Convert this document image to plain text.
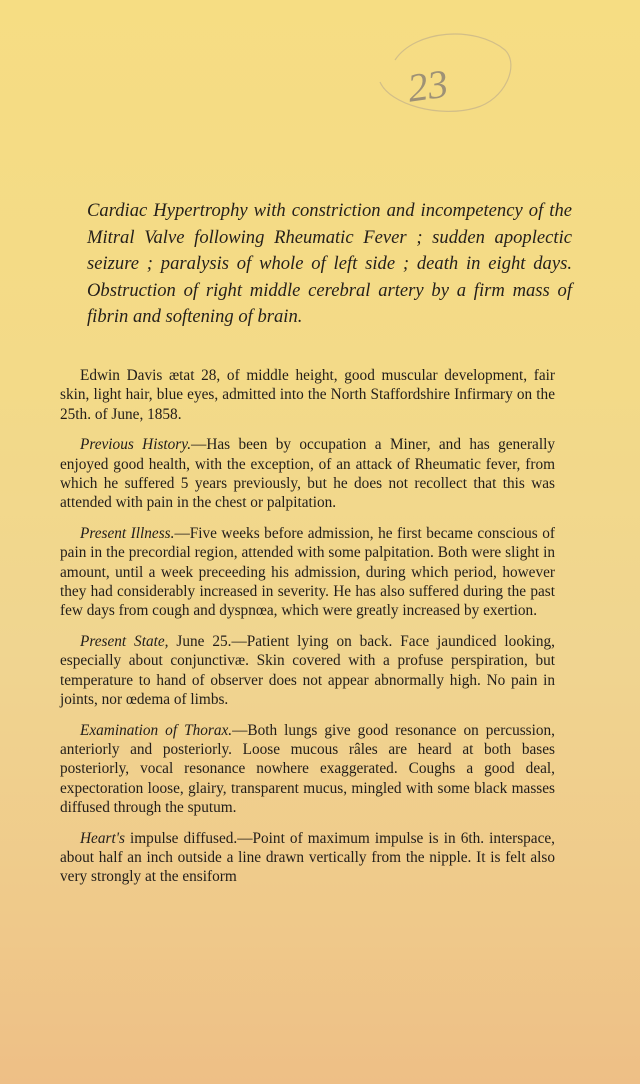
23
Cardiac Hypertrophy with constriction and incompetency of the Mitral Valve following Rheumatic Fever ; sudden apoplectic seizure ; paralysis of whole of left side ; death in eight days. Obstruction of right middle cerebral artery by a firm mass of fibrin and softening of brain.

Edwin Davis ætat 28, of middle height, good muscular development, fair skin, light hair, blue eyes, admitted into the North Staffordshire Infirmary on the 25th. of June, 1858.

Previous History.—Has been by occupation a Miner, and has generally enjoyed good health, with the exception, of an attack of Rheumatic fever, from which he suffered 5 years previously, but he does not recollect that this was attended with pain in the chest or palpitation.

Present Illness.—Five weeks before admission, he first became conscious of pain in the precordial region, attended with some palpitation. Both were slight in amount, until a week preceeding his admission, during which period, however they had considerably increased in severity. He has also suffered during the past few days from cough and dyspnœa, which were greatly increased by exertion.

Present State, June 25.—Patient lying on back. Face jaundiced looking, especially about conjunctivæ. Skin covered with a profuse perspiration, but temperature to hand of observer does not appear abnormally high. No pain in joints, nor œdema of limbs.

Examination of Thorax.—Both lungs give good resonance on percussion, anteriorly and posteriorly. Loose mucous râles are heard at both bases posteriorly, vocal resonance nowhere exaggerated. Coughs a good deal, expectoration loose, glairy, transparent mucus, mingled with some black masses diffused through the sputum.

Heart's impulse diffused.—Point of maximum impulse is in 6th. interspace, about half an inch outside a line drawn vertically from the nipple. It is felt also very strongly at the ensiform
